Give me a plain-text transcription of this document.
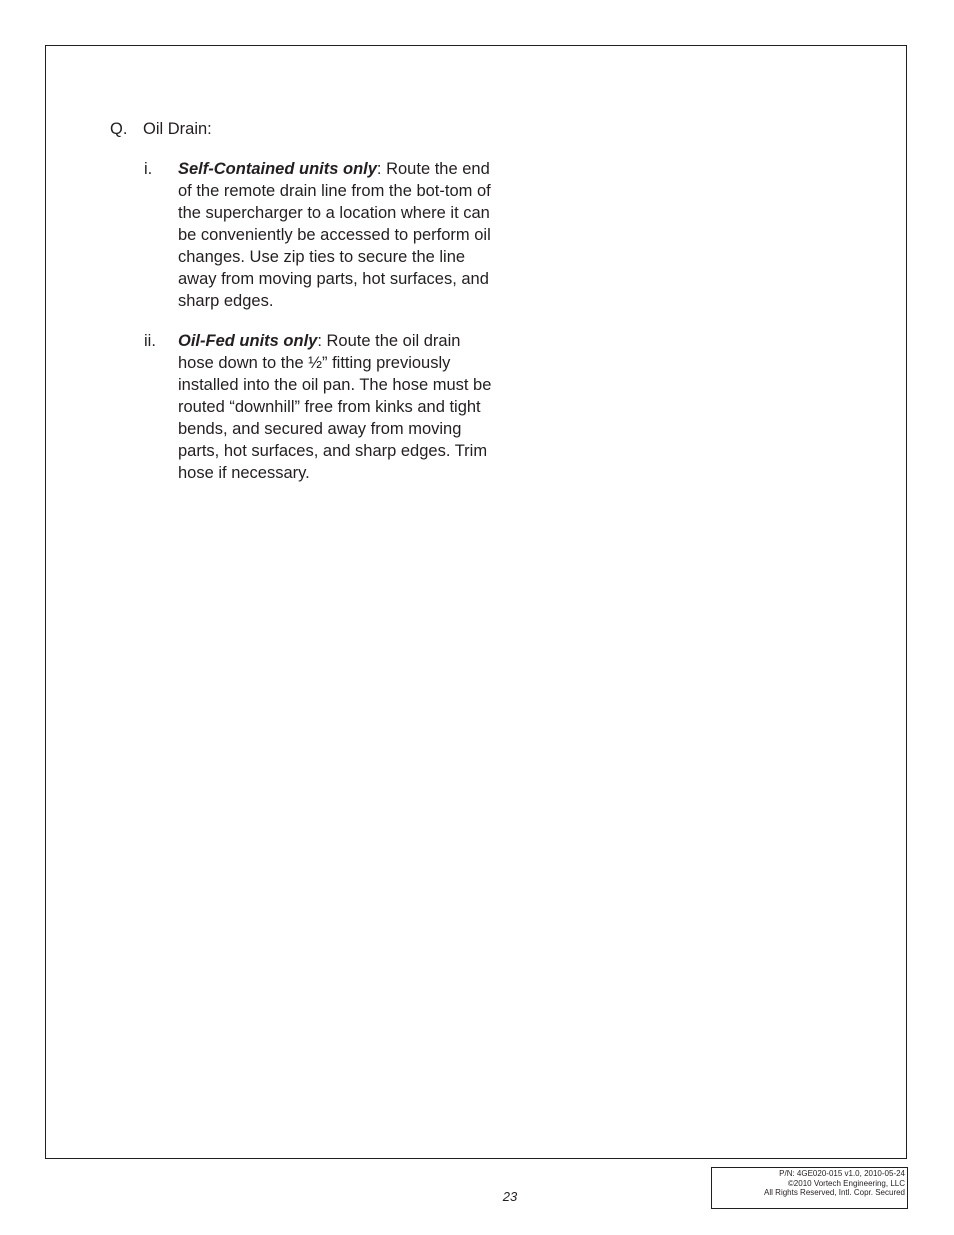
Q. Oil Drain:
i.	Self-Contained units only: Route the end of the remote drain line from the bot-tom of the supercharger to a location where it can be conveniently be accessed to perform oil changes. Use zip ties to secure the line away from moving parts, hot surfaces, and sharp edges.
ii.	Oil-Fed units only: Route the oil drain hose down to the ½” fitting previously installed into the oil pan. The hose must be routed “downhill” free from kinks and tight bends, and secured away from moving parts, hot surfaces, and sharp edges. Trim hose if necessary.
23
P/N: 4GE020-015 v1.0, 2010-05-24
©2010 Vortech Engineering, LLC
All Rights Reserved, Intl. Copr. Secured
